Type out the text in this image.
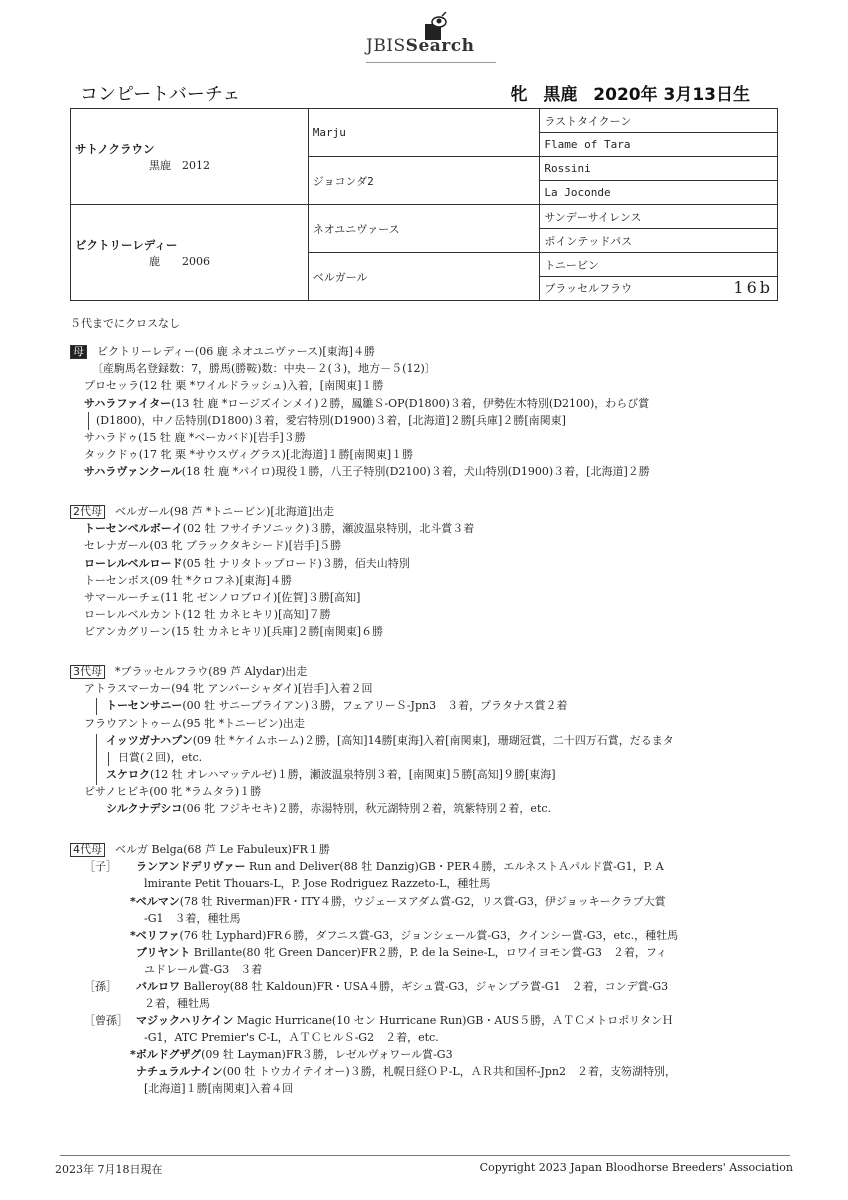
JBISSearch
コンピートバーチェ	牝 黒鹿 2020年 3月13日生
サトノクラウン
黒鹿　2012	Marju	ラストタイクーン
		Flame of Tara
	ジョコンダ2	Rossini
		La Joconde

ビクトリーレディー
鹿　　2006	ネオユニヴァース	サンデーサイレンス
		ポインテッドパス
	ベルガール	トニービン
		ブラッセルフラウ 16b
５代までにクロスなし
母 ビクトリーレディー(06 鹿 ネオユニヴァース)[東海]４勝
〔産駒馬名登録数：7，勝馬(勝鞍)数：中央－２(３)，地方－５(12)〕
プロセッラ(12 牡 栗 *ワイルドラッシュ)入着，[南関東]１勝
サハラファイター(13 牡 鹿 *ロージズインメイ)２勝，鳳雛Ｓ-OP(D1800)３着，伊勢佐木特別(D2100)，わらび賞
(D1800)，中ノ岳特別(D1800)３着，愛宕特別(D1900)３着，[北海道]２勝[兵庫]２勝[南関東]
サハラドゥ(15 牡 鹿 *ベーカバド)[岩手]３勝
タックドゥ(17 牝 栗 *サウスヴィグラス)[北海道]１勝[南関東]１勝
サハラヴァンクール(18 牡 鹿 *パイロ)現役１勝，八王子特別(D2100)３着，犬山特別(D1900)３着，[北海道]２勝
2代母 ベルガール(98 芦 *トニービン)[北海道]出走
トーセンベルボーイ(02 牡 フサイチソニック)３勝，瀬波温泉特別，北斗賞３着
セレナガール(03 牝 ブラックタキシード)[岩手]５勝
ローレルベルロード(05 牡 ナリタトップロード)３勝，佰夫山特別
トーセンボス(09 牡 *クロフネ)[東海]４勝
サマールーチェ(11 牝 ゼンノロブロイ)[佐賀]３勝[高知]
ローレルベルカント(12 牡 カネヒキリ)[高知]７勝
ビアンカグリーン(15 牡 カネヒキリ)[兵庫]２勝[南関東]６勝
3代母 *ブラッセルフラウ(89 芦 Alydar)出走
アトラスマーカー(94 牝 アンバーシャダイ)[岩手]入着２回
トーセンサニー(00 牡 サニーブライアン)３勝，フェアリーＳ-Jpn3　３着，プラタナス賞２着
フラウアントゥーム(95 牝 *トニービン)出走
イッツガナハプン(09 牡 *ケイムホーム)２勝，[高知]14勝[東海]入着[南関東]，珊瑚冠賞，二十四万石賞，だるまタ
日賞(２回)，etc.
スケロク(12 牡 オレハマッテルゼ)１勝，瀬波温泉特別３着，[南関東]５勝[高知]９勝[東海]
ピサノヒビキ(00 牝 *ラムタラ)１勝
シルクナデシコ(06 牝 フジキセキ)２勝，赤湯特別，秋元湖特別２着，筑紫特別２着，etc.
4代母 ベルガ Belga(68 芦 Le Fabuleux)FR１勝
［子］ ランアンドデリヴァー Run and Deliver(88 牡 Danzig)GB・PER４勝，エルネストＡパルド賞-G1，P. A
lmirante Petit Thouars-L，P. Jose Rodriguez Razzeto-L，種牡馬
*ベルマン(78 牡 Riverman)FR・ITY４勝，ウジェーヌアダム賞-G2，リス賞-G3，伊ジョッキークラブ大賞
-G1　３着，種牡馬
*ベリファ(76 牡 Lyphard)FR６勝，ダフニス賞-G3，ジョンシェール賞-G3，クインシー賞-G3，etc.，種牡馬
ブリヤント Brillante(80 牝 Green Dancer)FR２勝，P. de la Seine-L，ロワイヨモン賞-G3　２着，フィ
ユドレール賞-G3　３着
［孫］ バルロワ Balleroy(88 牡 Kaldoun)FR・USA４勝，ギシュ賞-G3，ジャンプラ賞-G1　２着，コンデ賞-G3
２着，種牡馬
［曾孫］ マジックハリケイン Magic Hurricane(10 セン Hurricane Run)GB・AUS５勝，ＡＴＣメトロポリタンＨ
-G1，ATC Premier's C-L，ＡＴＣヒルＳ-G2　２着，etc.
*ボルドグザグ(09 牡 Layman)FR３勝，レゼルヴォワール賞-G3
ナチュラルナイン(00 牡 トウカイテイオー)３勝，札幌日経ＯＰ-L，ＡＲ共和国杯-Jpn2　２着，支笏湖特別，
[北海道]１勝[南関東]入着４回
2023年 7月18日現在	Copyright 2023 Japan Bloodhorse Breeders' Association
